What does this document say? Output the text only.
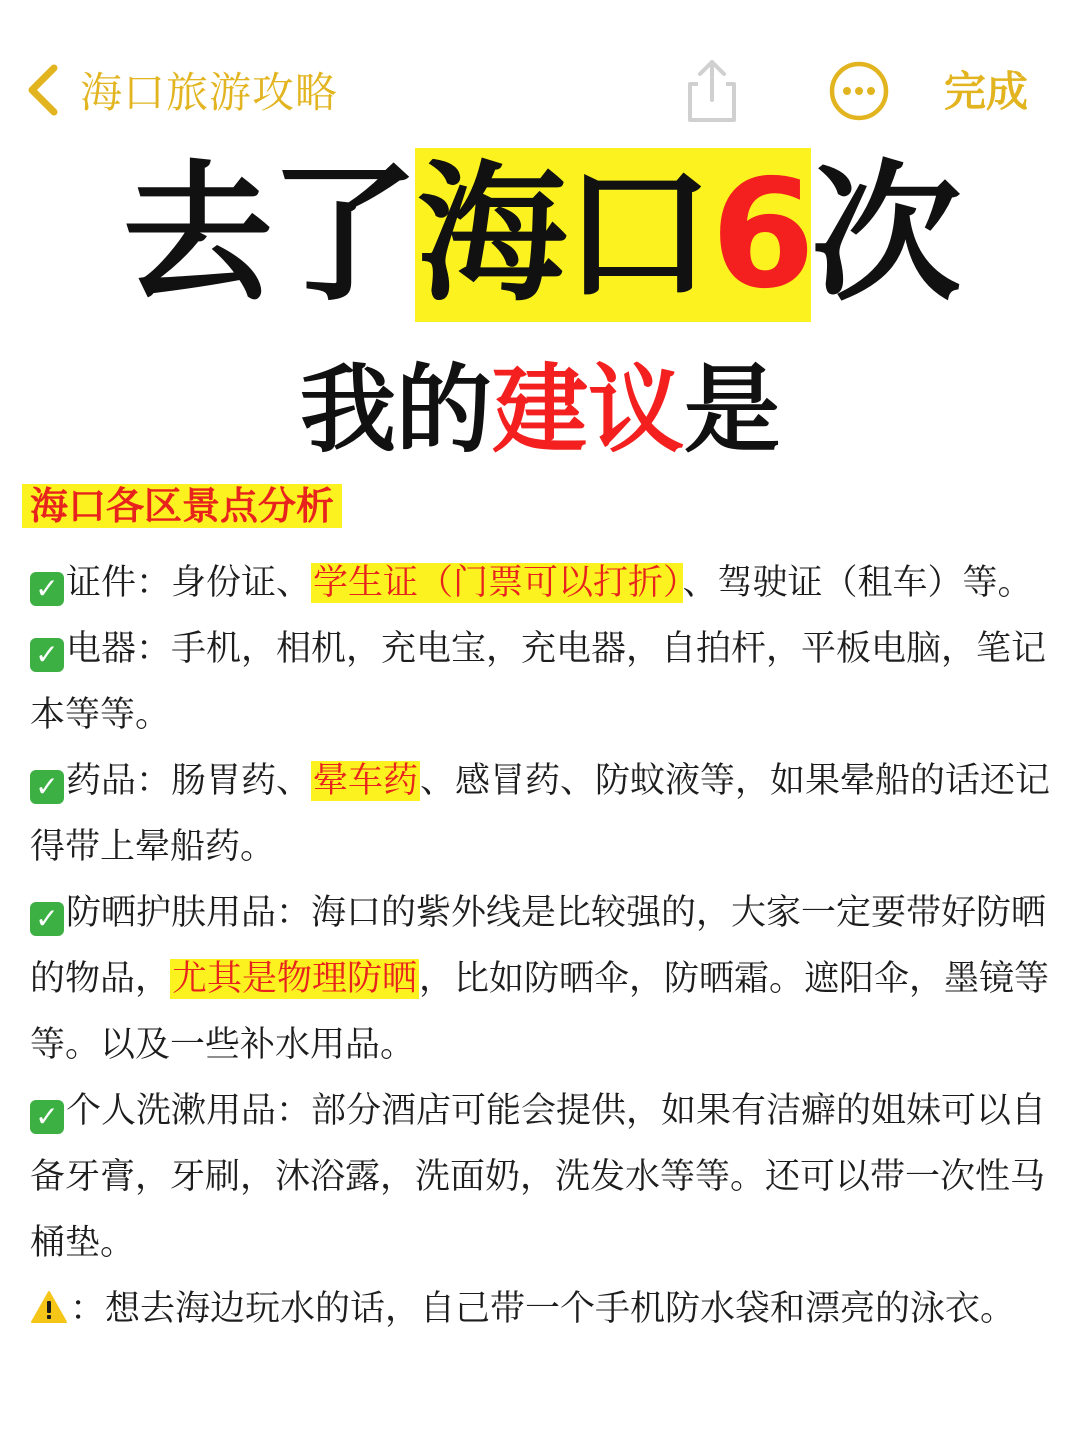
海口旅游攻略	完成
去了海口6次
我的建议是
海口各区景点分析

✓ 证件：身份证、学生证（门票可以打折）、驾驶证（租车）等。

✓ 电器：手机，相机，充电宝，充电器，自拍杆，平板电脑，笔记本等等。

✓ 药品：肠胃药、晕车药、感冒药、防蚊液等，如果晕船的话还记得带上晕船药。

✓ 防晒护肤用品：海口的紫外线是比较强的，大家一定要带好防晒的物品，尤其是物理防晒，比如防晒伞，防晒霜。遮阳伞，墨镜等等。以及一些补水用品。

✓ 个人洗漱用品：部分酒店可能会提供，如果有洁癖的姐妹可以自备牙膏，牙刷，沐浴露，洗面奶，洗发水等等。还可以带一次性马桶垫。

：想去海边玩水的话，自己带一个手机防水袋和漂亮的泳衣。
